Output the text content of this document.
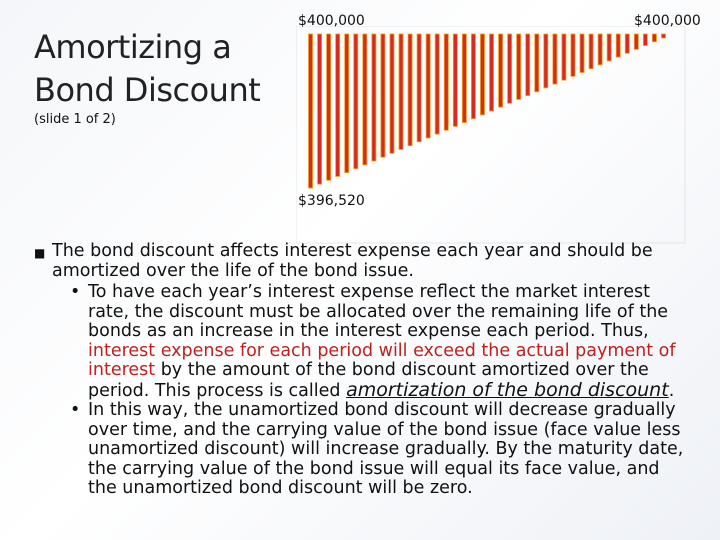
Amortizing a Bond Discount
(slide 1 of 2)
$400,000	$400,000
$396,520
■ The bond discount affects interest expense each year and should be amortized over the life of the bond issue.
• To have each year’s interest expense reflect the market interest rate, the discount must be allocated over the remaining life of the bonds as an increase in the interest expense each period. Thus, interest expense for each period will exceed the actual payment of interest by the amount of the bond discount amortized over the period. This process is called amortization of the bond discount.
• In this way, the unamortized bond discount will decrease gradually over time, and the carrying value of the bond issue (face value less unamortized discount) will increase gradually. By the maturity date, the carrying value of the bond issue will equal its face value, and the unamortized bond discount will be zero.
